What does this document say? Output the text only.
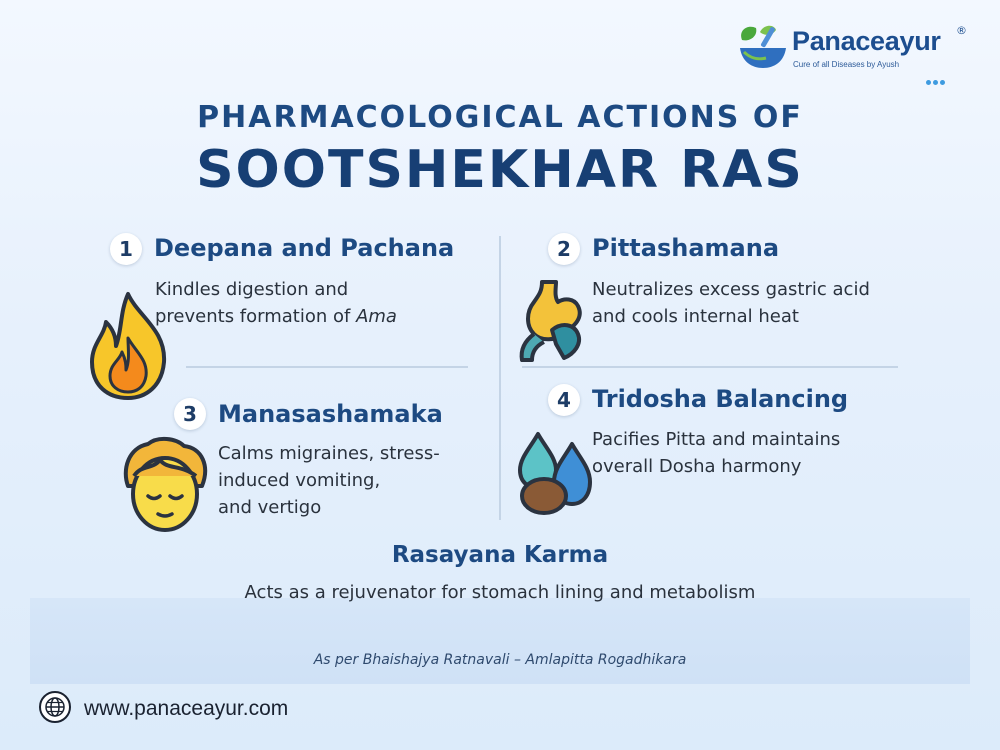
Panaceayur ®
Cure of all Diseases by Ayush
PHARMACOLOGICAL ACTIONS OF
SOOTSHEKHAR RAS
1 Deepana and Pachana
Kindles digestion and
prevents formation of Ama
2 Pittashamana
Neutralizes excess gastric acid
and cools internal heat
3 Manasashamaka
Calms migraines, stress-
induced vomiting,
and vertigo
4 Tridosha Balancing
Pacifies Pitta and maintains
overall Dosha harmony
Rasayana Karma
Acts as a rejuvenator for stomach lining and metabolism
As per Bhaishajya Ratnavali – Amlapitta Rogadhikara
www.panaceayur.com
